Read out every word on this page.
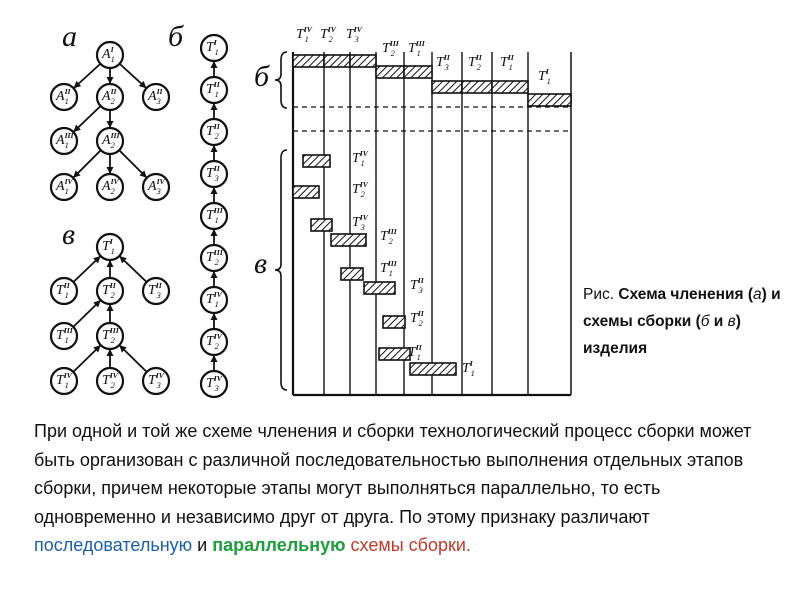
а	б
в
б
в
$A^I$ 1
$A^{II}$ 1 $A^{II}$ 2 $A^{II}$ 3
$A^{III}$ 1	$A^{III}$ 2
$A^{IV}$ 1	$A^{IV}$ 2	$A^{IV}$ 3
$T^I$ 1
$T^{II}$ 1
$T^{II}$ 2
$T^{II}$ 3
$T^{III}$ 1
$T^{III}$ 2
$T^{IV}$ 1
$T^{IV}$ 2
$T^{IV}$ 3
$T^I$ 1
$T^{II}$ 1 $T^{II}$ 2 $T^{II}$ 3
$T^{III}$ 1	$T^{III}$ 2
$T^{IV}$ 1 $T^{IV}$ 2 $T^{IV}$ 3
$T^{IV}$ 1 $T^{IV}$ 2 $T^{IV}$ 3
$T^{III}$ 2 $T^{III}$ 1
$T^{II}$ 3 $T^{II}$ 2 $T^{II}$ 1
$T^I$ 1
$T^{IV}$ 1
$T^{IV}$ 2
$T^{IV}$ 3
$T^{III}$ 2
$T^{III}$ 1
$T^{II}$ 3
$T^{II}$ 2
$T^{II}$ 1
$T^I$ 1
Рис. Схема членения (а) и схемы сборки (б и в) изделия
При одной и той же схеме членения и сборки технологический процесс сборки может быть организован с различной последовательностью выполнения отдельных этапов сборки, причем некоторые этапы могут выполняться параллельно, то есть одновременно и независимо друг от друга. По этому признаку различают последовательную и параллельную схемы сборки.
